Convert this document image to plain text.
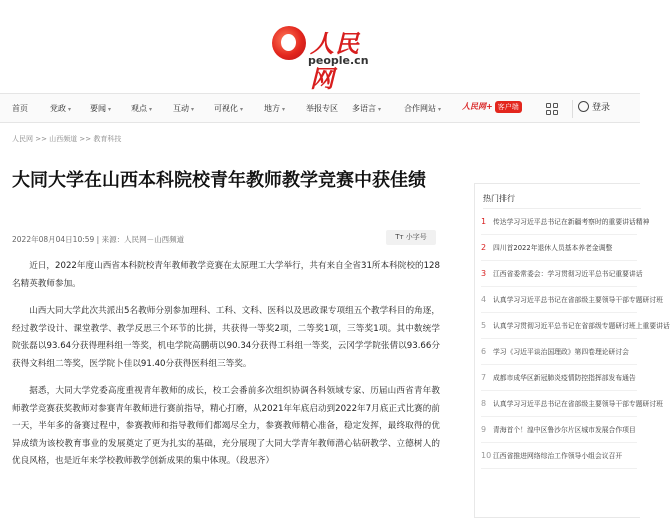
人民网
people.cn
首页	党政 ▾ 要闻 ▾ 观点 ▾	互动 ▾ 可视化 ▾	地方 ▾	举报专区 多语言 ▾	合作网站 ▾	人民网+ 客户端	登录
人民网 >> 山西频道 >> 教育科技
大同大学在山西本科院校青年教师教学竞赛中获佳绩
2022年08月04日10:59 | 来源：人民网－山西频道	Tт 小字号

近日，2022年度山西省本科院校青年教师教学竞赛在太原理工大学举行，共有来自全省31所本科院校的128名精英教师参加。

山西大同大学此次共派出5名教师分别参加理科、工科、文科、医科以及思政课专项组五个教学科目的角逐，经过教学设计、课堂教学、教学反思三个环节的比拼，共获得一等奖2项，二等奖1项，三等奖1项。其中数统学院张磊以93.64分获得理科组一等奖，机电学院高鹏萌以90.34分获得工科组一等奖，云冈学学院张倩以93.66分获得文科组二等奖，医学院卜佳以91.40分获得医科组三等奖。

据悉，大同大学党委高度重视青年教师的成长，校工会番前多次组织协调各科领域专家、历届山西省青年教师教学竞赛获奖教师对参赛青年教师进行赛前指导，精心打磨，从2021年年底启动到2022年7月底正式比赛的前一天，半年多的备赛过程中，参赛教师和指导教师们都竭尽全力，参赛教师精心准备，稳定发挥，最终取得的优异成绩为该校教育事业的发展奠定了更为扎实的基础，充分展现了大同大学青年教师潜心钻研教学、立德树人的优良风格，也是近年来学校教师教学创新成果的集中体现。（段思齐）

热门排行
1 传达学习习近平总书记在新疆考察时的重要讲话精神
2 四川首2022年退休人员基本养老金调整
3 江西省委常委会：学习贯彻习近平总书记重要讲话
4 认真学习习近平总书记在省部级主要领导干部专题研讨班
5 认真学习贯彻习近平总书记在省部级专题研讨班上重要讲话
6 学习《习近平谈治国理政》第四卷理论研讨会
7 成都市成华区新冠肺炎疫情防控指挥部发布通告
8 认真学习习近平总书记在省部级主要领导干部专题研讨班
9 青海首个！湟中区鲁沙尔片区城市发展合作项目
10 江西省推进网络综治工作领导小组会议召开
